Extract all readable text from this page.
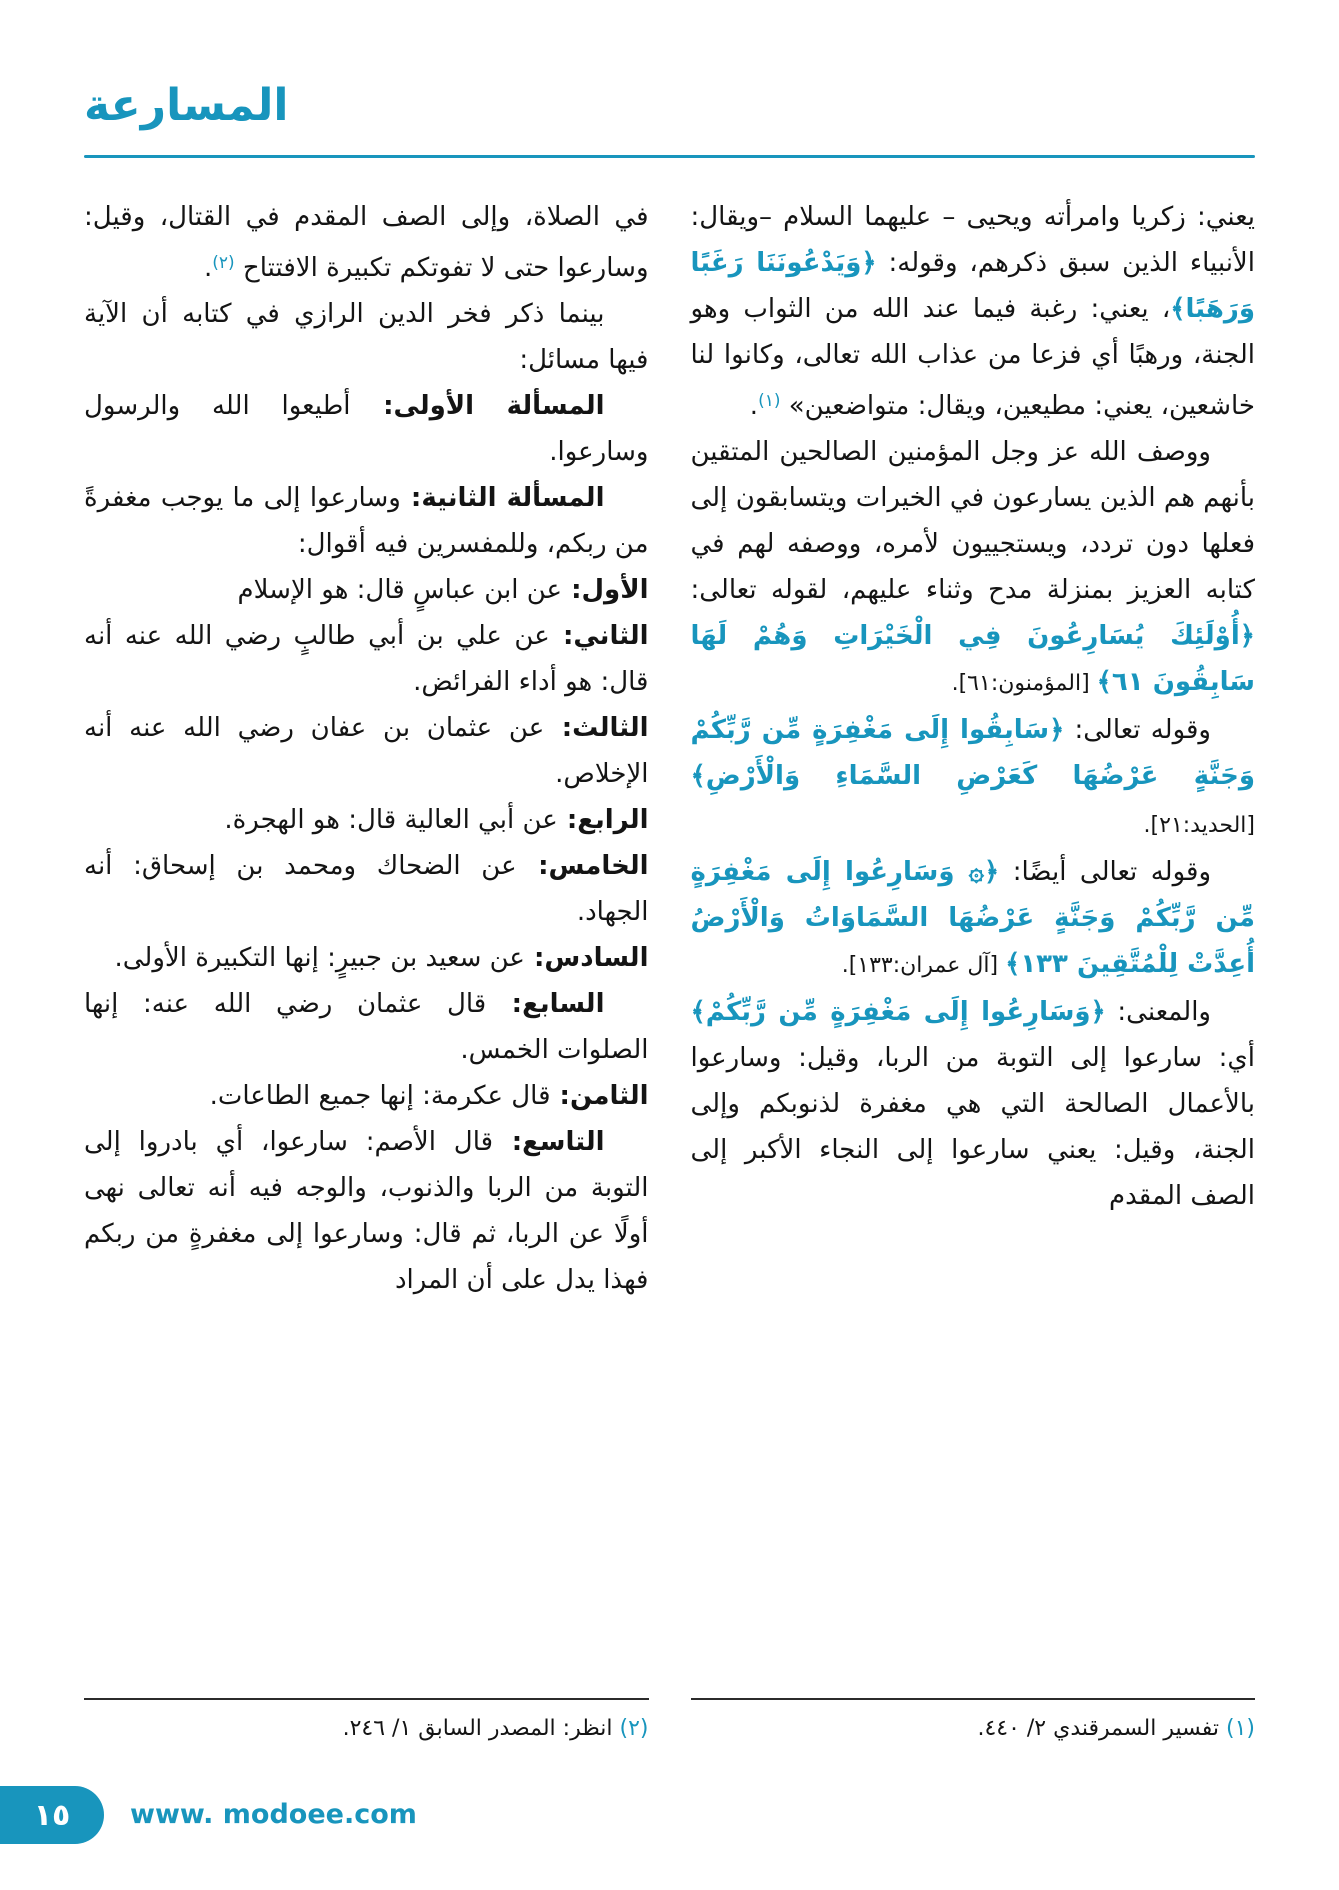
المسارعة

يعني: زكريا وامرأته ويحيى – عليهما السلام –ويقال: الأنبياء الذين سبق ذكرهم، وقوله: ﴿وَيَدْعُونَنَا رَغَبًا وَرَهَبًا﴾، يعني: رغبة فيما عند الله من الثواب وهو الجنة، ورهبًا أي فزعا من عذاب الله تعالى، وكانوا لنا خاشعين، يعني: مطيعين، ويقال: متواضعين» $^{(١)}$.

ووصف الله عز وجل المؤمنين الصالحين المتقين بأنهم هم الذين يسارعون في الخيرات ويتسابقون إلى فعلها دون تردد، ويستجييون لأمره، ووصفه لهم في كتابه العزيز بمنزلة مدح وثناء عليهم، لقوله تعالى: ﴿أُوْلَئِكَ يُسَارِعُونَ فِي الْخَيْرَاتِ وَهُمْ لَهَا سَابِقُونَ ٦١﴾ [المؤمنون:٦١].

وقوله تعالى: ﴿سَابِقُوا إِلَى مَغْفِرَةٍ مِّن رَّبِّكُمْ وَجَنَّةٍ عَرْضُهَا كَعَرْضِ السَّمَاءِ وَالْأَرْضِ﴾ [الحديد:٢١].

وقوله تعالى أيضًا: ﴿۞ وَسَارِعُوا إِلَى مَغْفِرَةٍ مِّن رَّبِّكُمْ وَجَنَّةٍ عَرْضُهَا السَّمَاوَاتُ وَالْأَرْضُ أُعِدَّتْ لِلْمُتَّقِينَ ١٣٣﴾ [آل عمران:١٣٣].

والمعنى: ﴿وَسَارِعُوا إِلَى مَغْفِرَةٍ مِّن رَّبِّكُمْ﴾ أي: سارعوا إلى التوبة من الربا، وقيل: وسارعوا بالأعمال الصالحة التي هي مغفرة لذنوبكم وإلى الجنة، وقيل: يعني سارعوا إلى النجاء الأكبر إلى الصف المقدم

في الصلاة، وإلى الصف المقدم في القتال، وقيل: وسارعوا حتى لا تفوتكم تكبيرة الافتتاح $^{(٢)}$.

بينما ذكر فخر الدين الرازي في كتابه أن الآية فيها مسائل:

المسألة الأولى: أطيعوا الله والرسول وسارعوا.

المسألة الثانية: وسارعوا إلى ما يوجب مغفرةً من ربكم، وللمفسرين فيه أقوال:

الأول: عن ابن عباسٍ قال: هو الإسلام

الثاني: عن علي بن أبي طالبٍ رضي الله عنه أنه قال: هو أداء الفرائض.

الثالث: عن عثمان بن عفان رضي الله عنه أنه الإخلاص.

الرابع: عن أبي العالية قال: هو الهجرة.

الخامس: عن الضحاك ومحمد بن إسحاق: أنه الجهاد.

السادس: عن سعيد بن جبيرٍ: إنها التكبيرة الأولى.

السابع: قال عثمان رضي الله عنه: إنها الصلوات الخمس.

الثامن: قال عكرمة: إنها جميع الطاعات.

التاسع: قال الأصم: سارعوا، أي بادروا إلى التوبة من الربا والذنوب، والوجه فيه أنه تعالى نهى أولًا عن الربا، ثم قال: وسارعوا إلى مغفرةٍ من ربكم فهذا يدل على أن المراد

(١) تفسير السمرقندي ٢/ ٤٤٠.

(٢) انظر: المصدر السابق ١/ ٢٤٦.

١٥ www. modoee.com
